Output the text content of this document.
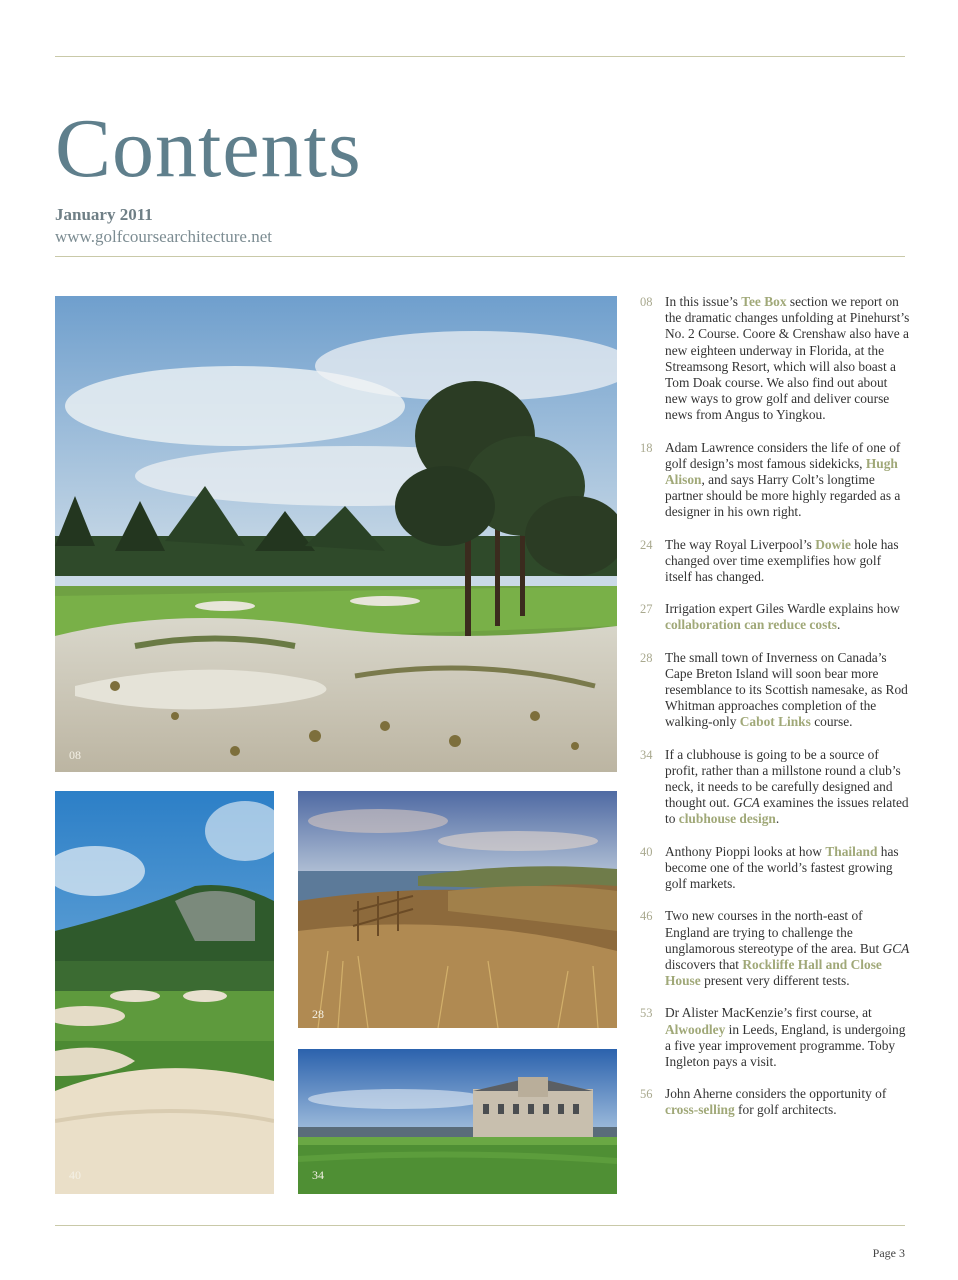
Contents
January 2011
www.golfcoursearchitecture.net
08
40
28
34
08 In this issue’s Tee Box section we report on the dramatic changes unfolding at Pinehurst’s No. 2 Course. Coore & Crenshaw also have a new eighteen underway in Florida, at the Streamsong Resort, which will also boast a Tom Doak course. We also find out about new ways to grow golf and deliver course news from Angus to Yingkou.
18 Adam Lawrence considers the life of one of golf design’s most famous sidekicks, Hugh Alison, and says Harry Colt’s longtime partner should be more highly regarded as a designer in his own right.
24 The way Royal Liverpool’s Dowie hole has changed over time exemplifies how golf itself has changed.
27 Irrigation expert Giles Wardle explains how collaboration can reduce costs.
28 The small town of Inverness on Canada’s Cape Breton Island will soon bear more resemblance to its Scottish namesake, as Rod Whitman approaches completion of the walking-only Cabot Links course.
34 If a clubhouse is going to be a source of profit, rather than a millstone round a club’s neck, it needs to be carefully designed and thought out. GCA examines the issues related to clubhouse design.
40 Anthony Pioppi looks at how Thailand has become one of the world’s fastest growing golf markets.
46 Two new courses in the north-east of England are trying to challenge the unglamorous stereotype of the area. But GCA discovers that Rockliffe Hall and Close House present very different tests.
53 Dr Alister MacKenzie’s first course, at Alwoodley in Leeds, England, is undergoing a five year improvement programme. Toby Ingleton pays a visit.
56 John Aherne considers the opportunity of cross-selling for golf architects.
Page 3
